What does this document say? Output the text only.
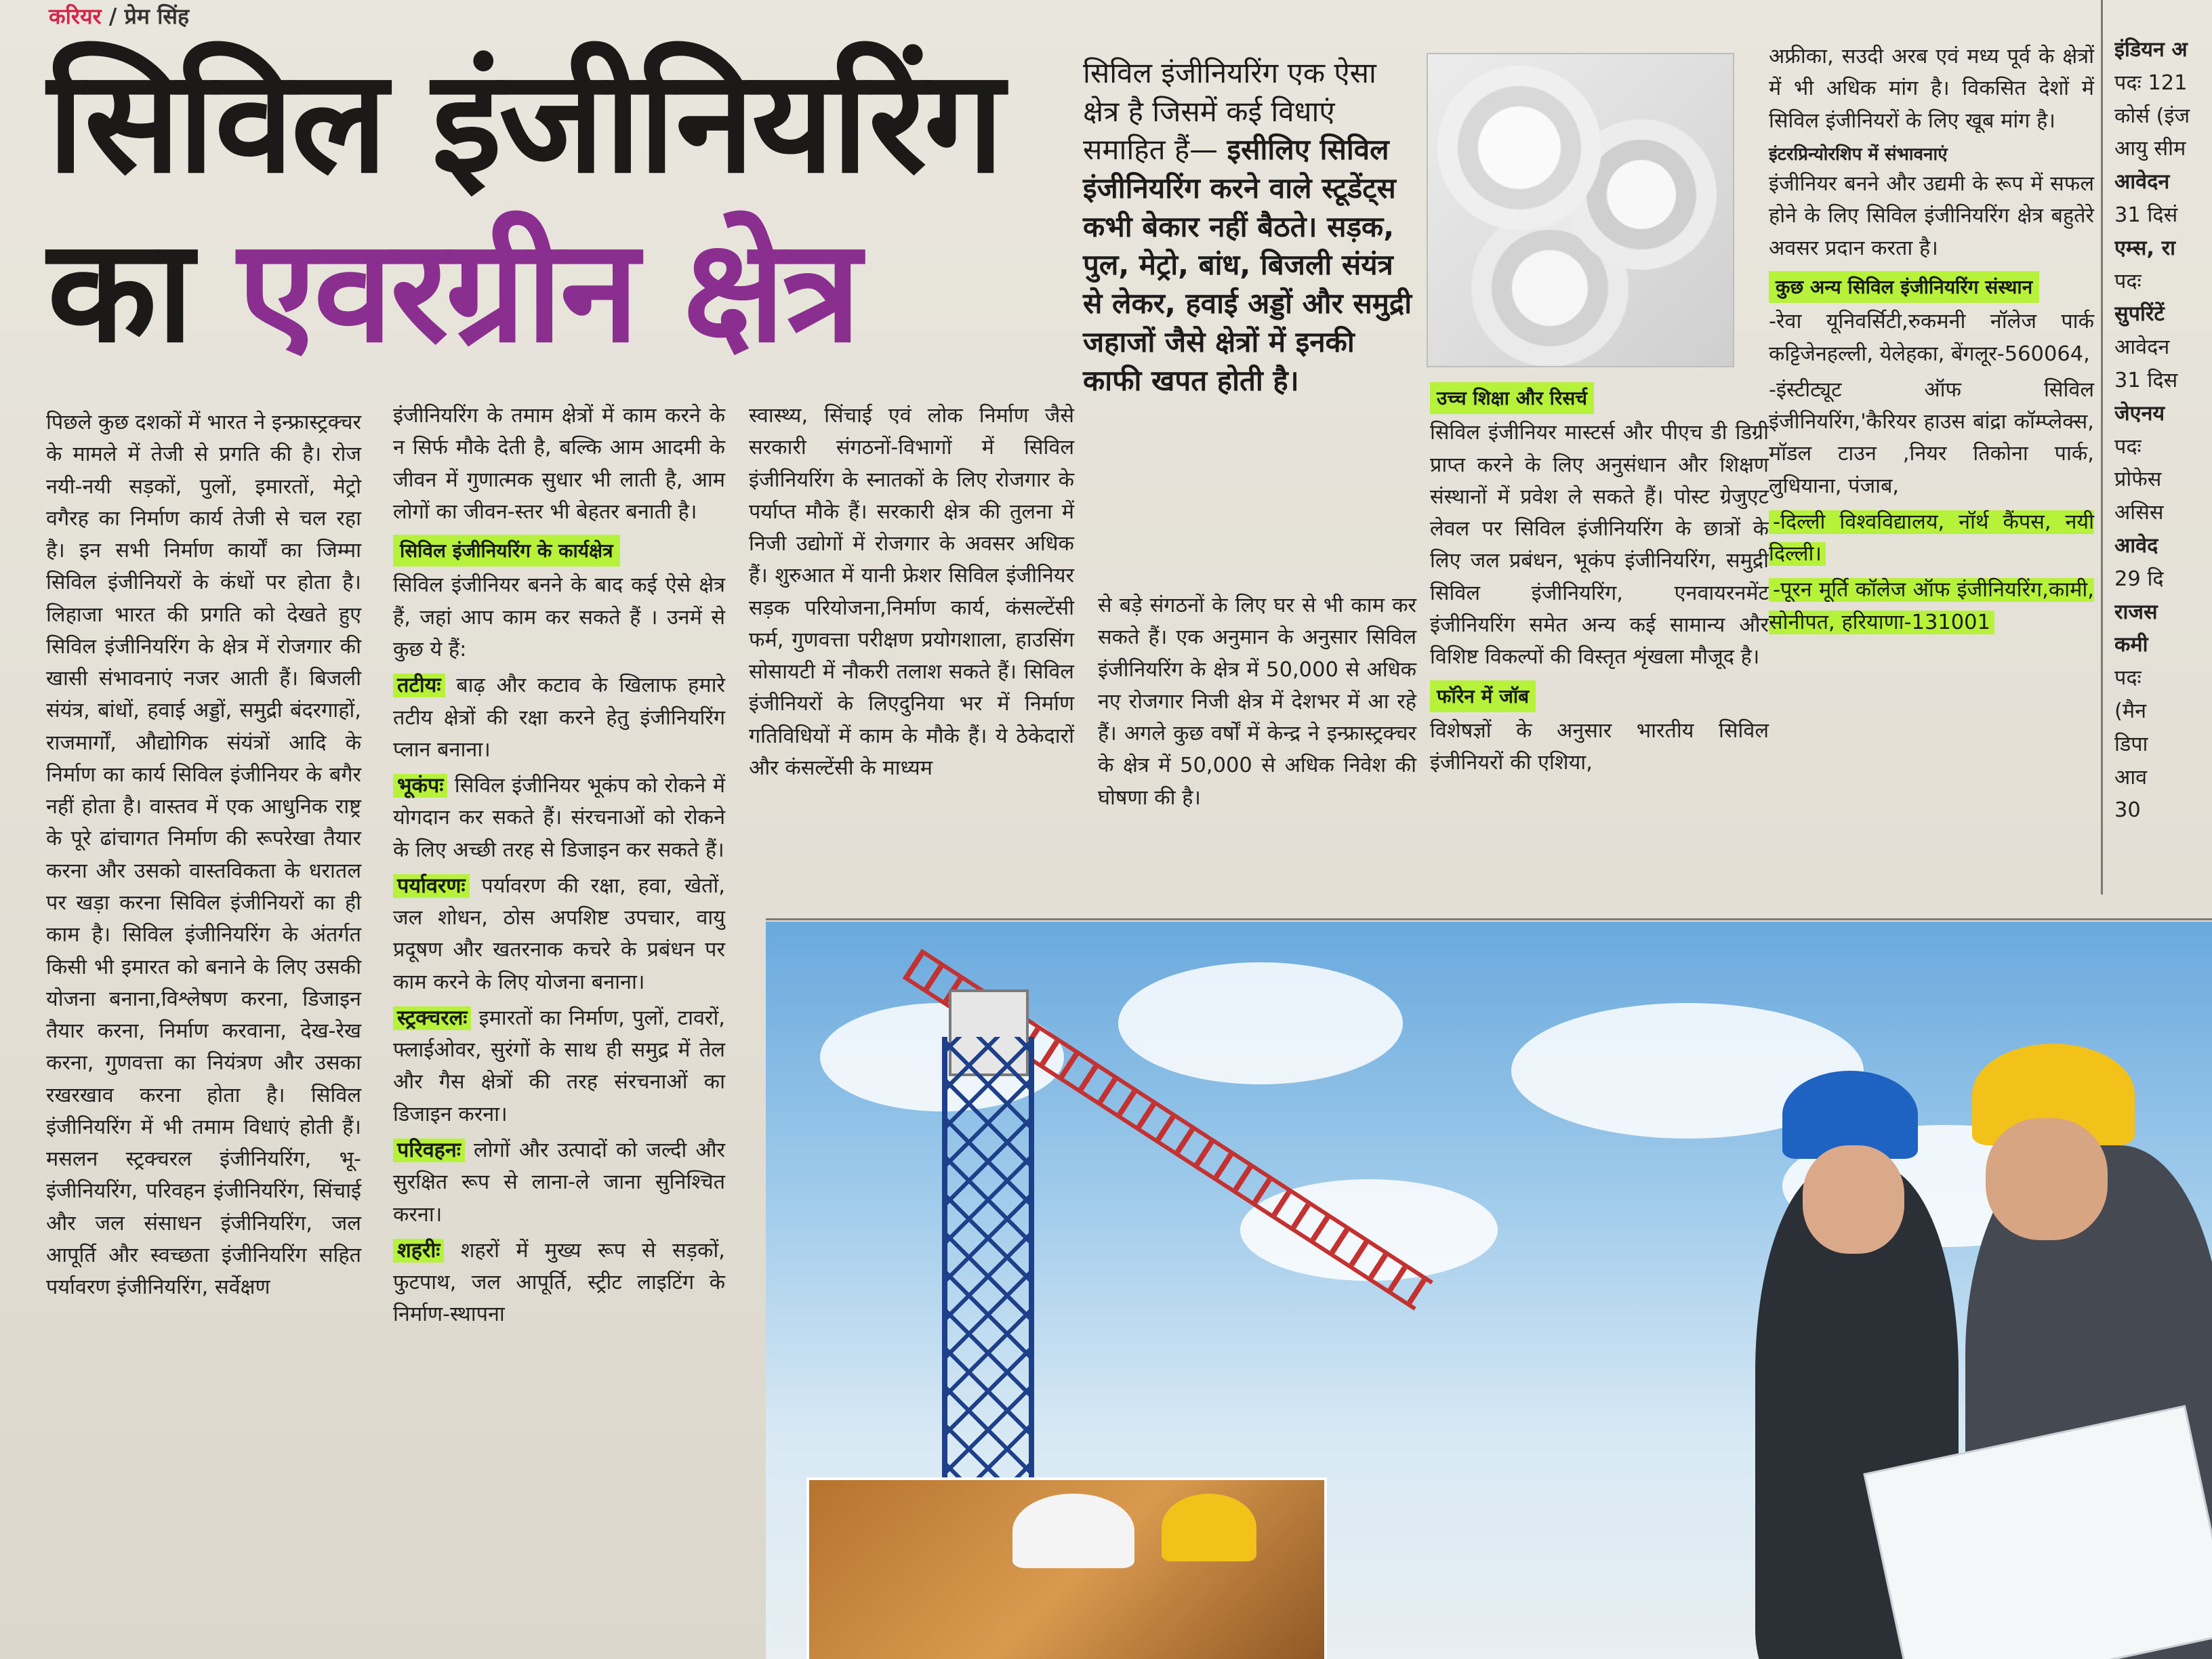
करियर / प्रेम सिंह
सिविल इंजीनियरिंग
का एवरग्रीन क्षेत्र

पिछले कुछ दशकों में भारत ने इन्फ्रास्ट्रक्चर के मामले में तेजी से प्रगति की है। रोज नयी-नयी सड़कों, पुलों, इमारतों, मेट्रो वगैरह का निर्माण कार्य तेजी से चल रहा है। इन सभी निर्माण कार्यों का जिम्मा सिविल इंजीनियरों के कंधों पर होता है। लिहाजा भारत की प्रगति को देखते हुए सिविल इंजीनियरिंग के क्षेत्र में रोजगार की खासी संभावनाएं नजर आती हैं। बिजली संयंत्र, बांधों, हवाई अड्डों, समुद्री बंदरगाहों, राजमार्गों, औद्योगिक संयंत्रों आदि के निर्माण का कार्य सिविल इंजीनियर के बगैर नहीं होता है। वास्तव में एक आधुनिक राष्ट्र के पूरे ढांचागत निर्माण की रूपरेखा तैयार करना और उसको वास्तविकता के धरातल पर खड़ा करना सिविल इंजीनियरों का ही काम है। सिविल इंजीनियरिंग के अंतर्गत किसी भी इमारत को बनाने के लिए उसकी योजना बनाना,विश्लेषण करना, डिजाइन तैयार करना, निर्माण करवाना, देख-रेख करना, गुणवत्ता का नियंत्रण और उसका रखरखाव करना होता है। सिविल इंजीनियरिंग में भी तमाम विधाएं होती हैं। मसलन स्ट्रक्चरल इंजीनियरिंग, भू-इंजीनियरिंग, परिवहन इंजीनियरिंग, सिंचाई और जल संसाधन इंजीनियरिंग, जल आपूर्ति और स्वच्छता इंजीनियरिंग सहित पर्यावरण इंजीनियरिंग, सर्वेक्षण

इंजीनियरिंग के तमाम क्षेत्रों में काम करने के न सिर्फ मौके देती है, बल्कि आम आदमी के जीवन में गुणात्मक सुधार भी लाती है, आम लोगों का जीवन-स्तर भी बेहतर बनाती है।

सिविल इंजीनियरिंग के कार्यक्षेत्र

सिविल इंजीनियर बनने के बाद कई ऐसे क्षेत्र हैं, जहां आप काम कर सकते हैं । उनमें से कुछ ये हैं:

तटीयः बाढ़ और कटाव के खिलाफ हमारे तटीय क्षेत्रों की रक्षा करने हेतु इंजीनियरिंग प्लान बनाना।

भूकंपः सिविल इंजीनियर भूकंप को रोकने में योगदान कर सकते हैं। संरचनाओं को रोकने के लिए अच्छी तरह से डिजाइन कर सकते हैं।

पर्यावरणः पर्यावरण की रक्षा, हवा, खेतों, जल शोधन, ठोस अपशिष्ट उपचार, वायु प्रदूषण और खतरनाक कचरे के प्रबंधन पर काम करने के लिए योजना बनाना।

स्ट्रक्चरलः इमारतों का निर्माण, पुलों, टावरों, फ्लाईओवर, सुरंगों के साथ ही समुद्र में तेल और गैस क्षेत्रों की तरह संरचनाओं का डिजाइन करना।

परिवहनः लोगों और उत्पादों को जल्दी और सुरक्षित रूप से लाना-ले जाना सुनिश्चित करना।

शहरीः शहरों में मुख्य रूप से सड़कों, फुटपाथ, जल आपूर्ति, स्ट्रीट लाइटिंग के निर्माण-स्थापना

स्वास्थ्य, सिंचाई एवं लोक निर्माण जैसे सरकारी संगठनों-विभागों में सिविल इंजीनियरिंग के स्नातकों के लिए रोजगार के पर्याप्त मौके हैं। सरकारी क्षेत्र की तुलना में निजी उद्योगों में रोजगार के अवसर अधिक हैं। शुरुआत में यानी फ्रेशर सिविल इंजीनियर सड़क परियोजना,निर्माण कार्य, कंसल्टेंसी फर्म, गुणवत्ता परीक्षण प्रयोगशाला, हाउसिंग सोसायटी में नौकरी तलाश सकते हैं। सिविल इंजीनियरों के लिएदुनिया भर में निर्माण गतिविधियों में काम के मौके हैं। ये ठेकेदारों और कंसल्टेंसी के माध्यम

सिविल इंजीनियरिंग एक ऐसा क्षेत्र है जिसमें कई विधाएं समाहित हैं— इसीलिए सिविल इंजीनियरिंग करने वाले स्टूडेंट्स कभी बेकार नहीं बैठते। सड़क, पुल, मेट्रो, बांध, बिजली संयंत्र से लेकर, हवाई अड्डों और समुद्री जहाजों जैसे क्षेत्रों में इनकी काफी खपत होती है।

से बड़े संगठनों के लिए घर से भी काम कर सकते हैं। एक अनुमान के अनुसार सिविल इंजीनियरिंग के क्षेत्र में 50,000 से अधिक नए रोजगार निजी क्षेत्र में देशभर में आ रहे हैं। अगले कुछ वर्षों में केन्द्र ने इन्फ्रास्ट्रक्चर के क्षेत्र में 50,000 से अधिक निवेश की घोषणा की है।

उच्च शिक्षा और रिसर्च

सिविल इंजीनियर मास्टर्स और पीएच डी डिग्री प्राप्त करने के लिए अनुसंधान और शिक्षण संस्थानों में प्रवेश ले सकते हैं। पोस्ट ग्रेजुएट लेवल पर सिविल इंजीनियरिंग के छात्रों के लिए जल प्रबंधन, भूकंप इंजीनियरिंग, समुद्री सिविल इंजीनियरिंग, एनवायरनमेंट इंजीनियरिंग समेत अन्य कई सामान्य और विशिष्ट विकल्पों की विस्तृत शृंखला मौजूद है।

फॉरेन में जॉब

विशेषज्ञों के अनुसार भारतीय सिविल इंजीनियरों की एशिया,

अफ्रीका, सउदी अरब एवं मध्य पूर्व के क्षेत्रों में भी अधिक मांग है। विकसित देशों में सिविल इंजीनियरों के लिए खूब मांग है।

इंटरप्रिन्योरशिप में संभावनाएं

इंजीनियर बनने और उद्यमी के रूप में सफल होने के लिए सिविल इंजीनियरिंग क्षेत्र बहुतेरे अवसर प्रदान करता है।

कुछ अन्य सिविल इंजीनियरिंग संस्थान

-रेवा यूनिवर्सिटी,रुकमनी नॉलेज पार्क कट्टिजेनहल्ली, येलेहका, बेंगलूर-560064,

-इंस्टीट्यूट ऑफ सिविल इंजीनियरिंग,'कैरियर हाउस बांद्रा कॉम्प्लेक्स, मॉडल टाउन ,नियर तिकोना पार्क, लुधियाना, पंजाब,

-दिल्ली विश्वविद्यालय, नॉर्थ कैंपस, नयी दिल्ली।

-पूरन मूर्ति कॉलेज ऑफ इंजीनियरिंग,कामी, सोनीपत, हरियाणा-131001

इंडियन अ
पदः 121
कोर्स (इंज
आयु सीम
आवेदन
31 दिसं
एम्स, रा
पदः
सुपरिंटें
आवेदन
31 दिस
जेएनय
पदः
प्रोफेस
असिस
आवेद
29 दि
राजस
कमी
पदः
(मैन
डिपा
आव
30
